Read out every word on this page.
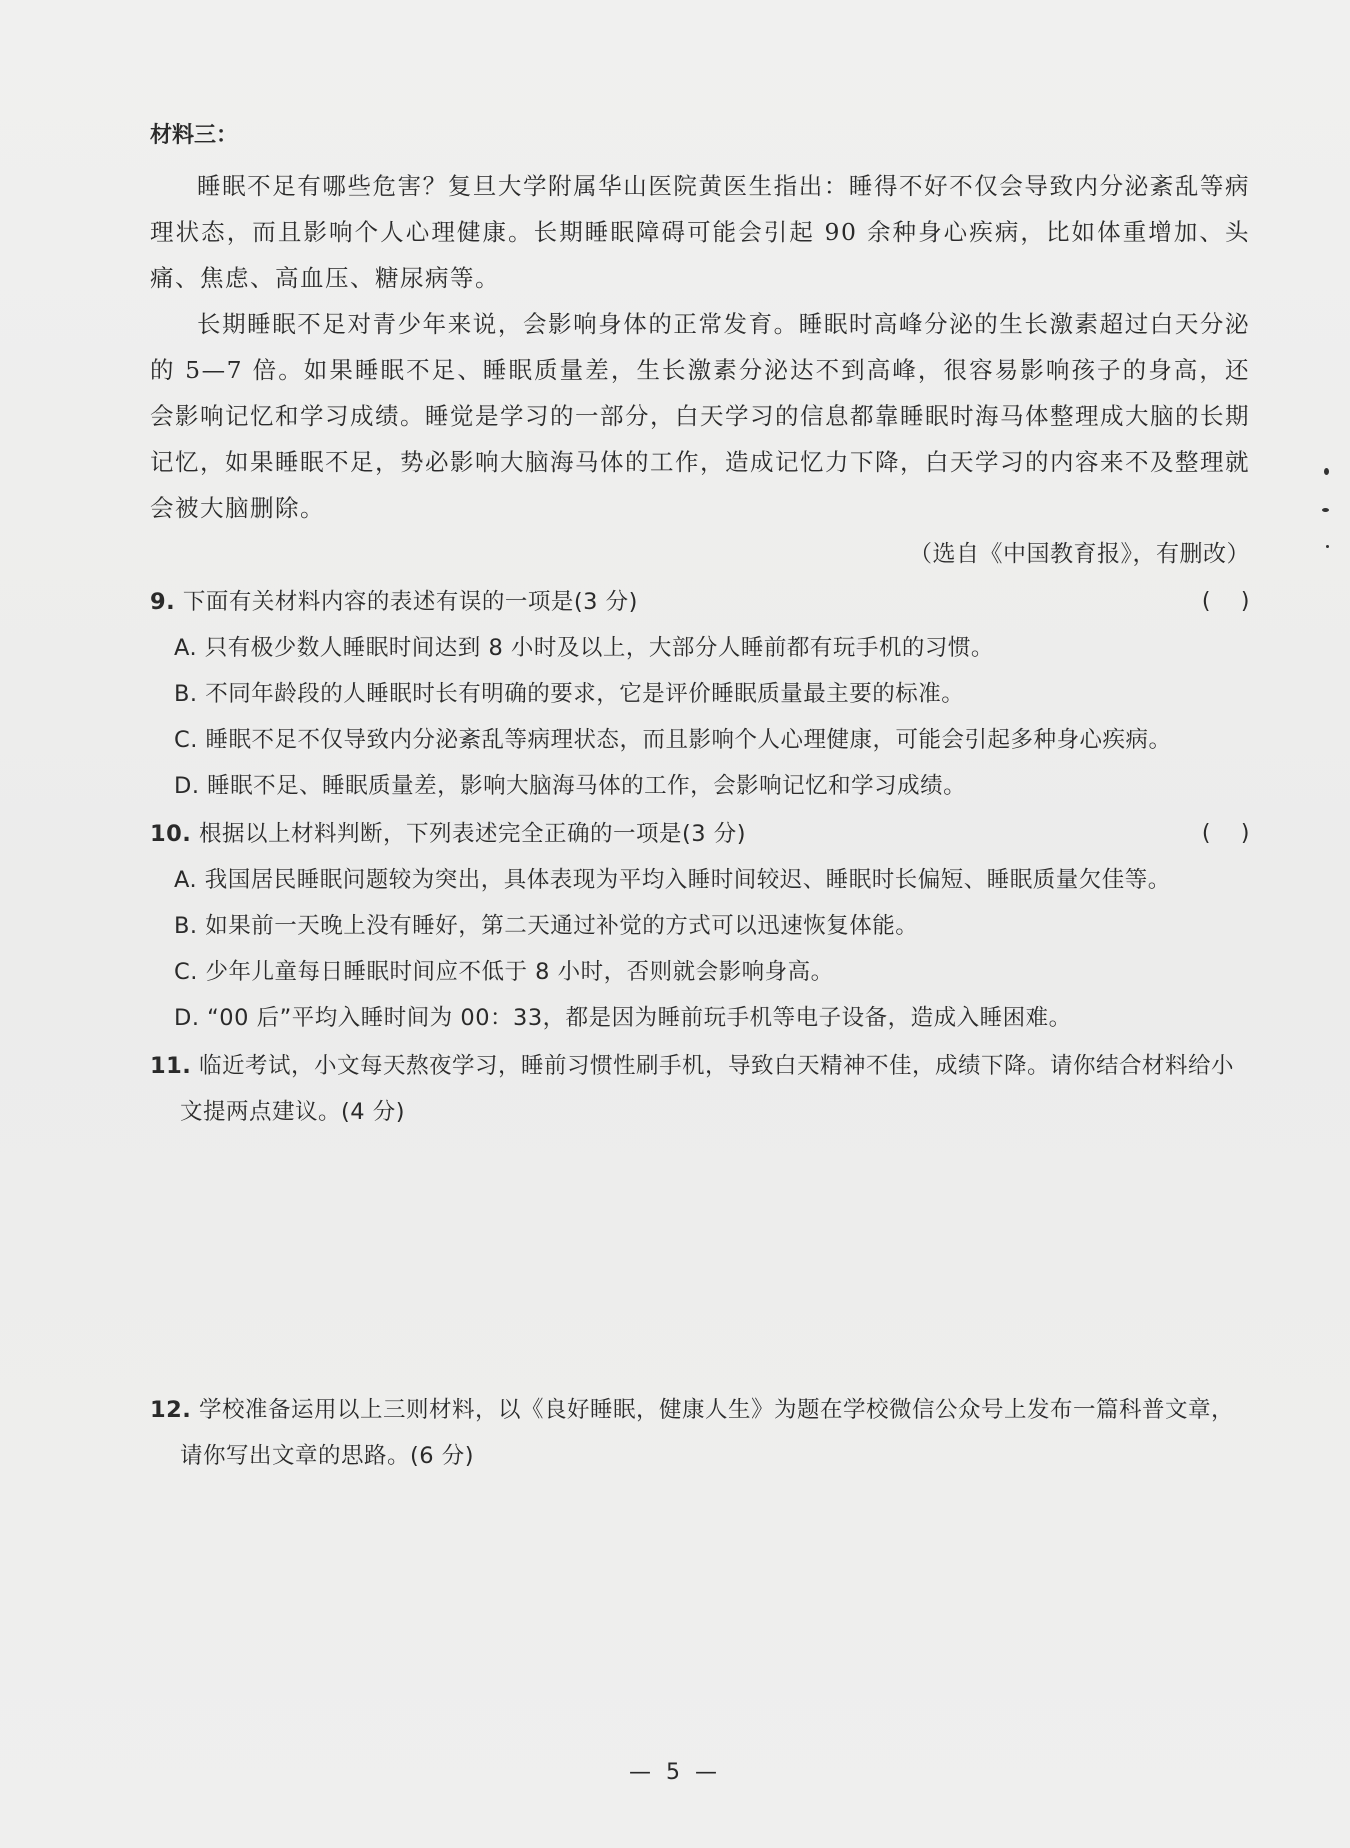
材料三：

睡眠不足有哪些危害？复旦大学附属华山医院黄医生指出：睡得不好不仅会导致内分泌紊乱等病理状态，而且影响个人心理健康。长期睡眠障碍可能会引起 90 余种身心疾病，比如体重增加、头痛、焦虑、高血压、糖尿病等。

长期睡眠不足对青少年来说，会影响身体的正常发育。睡眠时高峰分泌的生长激素超过白天分泌的 5—7 倍。如果睡眠不足、睡眠质量差，生长激素分泌达不到高峰，很容易影响孩子的身高，还会影响记忆和学习成绩。睡觉是学习的一部分，白天学习的信息都靠睡眠时海马体整理成大脑的长期记忆，如果睡眠不足，势必影响大脑海马体的工作，造成记忆力下降，白天学习的内容来不及整理就会被大脑删除。

（选自《中国教育报》，有删改）

9. 下面有关材料内容的表述有误的一项是(3 分)	(    )
A. 只有极少数人睡眠时间达到 8 小时及以上，大部分人睡前都有玩手机的习惯。
B. 不同年龄段的人睡眠时长有明确的要求，它是评价睡眠质量最主要的标准。
C. 睡眠不足不仅导致内分泌紊乱等病理状态，而且影响个人心理健康，可能会引起多种身心疾病。
D. 睡眠不足、睡眠质量差，影响大脑海马体的工作，会影响记忆和学习成绩。
10. 根据以上材料判断，下列表述完全正确的一项是(3 分)	(    )
A. 我国居民睡眠问题较为突出，具体表现为平均入睡时间较迟、睡眠时长偏短、睡眠质量欠佳等。
B. 如果前一天晚上没有睡好，第二天通过补觉的方式可以迅速恢复体能。
C. 少年儿童每日睡眠时间应不低于 8 小时，否则就会影响身高。
D. “00 后”平均入睡时间为 00：33，都是因为睡前玩手机等电子设备，造成入睡困难。
11. 临近考试，小文每天熬夜学习，睡前习惯性刷手机，导致白天精神不佳，成绩下降。请你结合材料给小文提两点建议。(4 分)
12. 学校准备运用以上三则材料，以《良好睡眠，健康人生》为题在学校微信公众号上发布一篇科普文章，请你写出文章的思路。(6 分)
— 5 —
